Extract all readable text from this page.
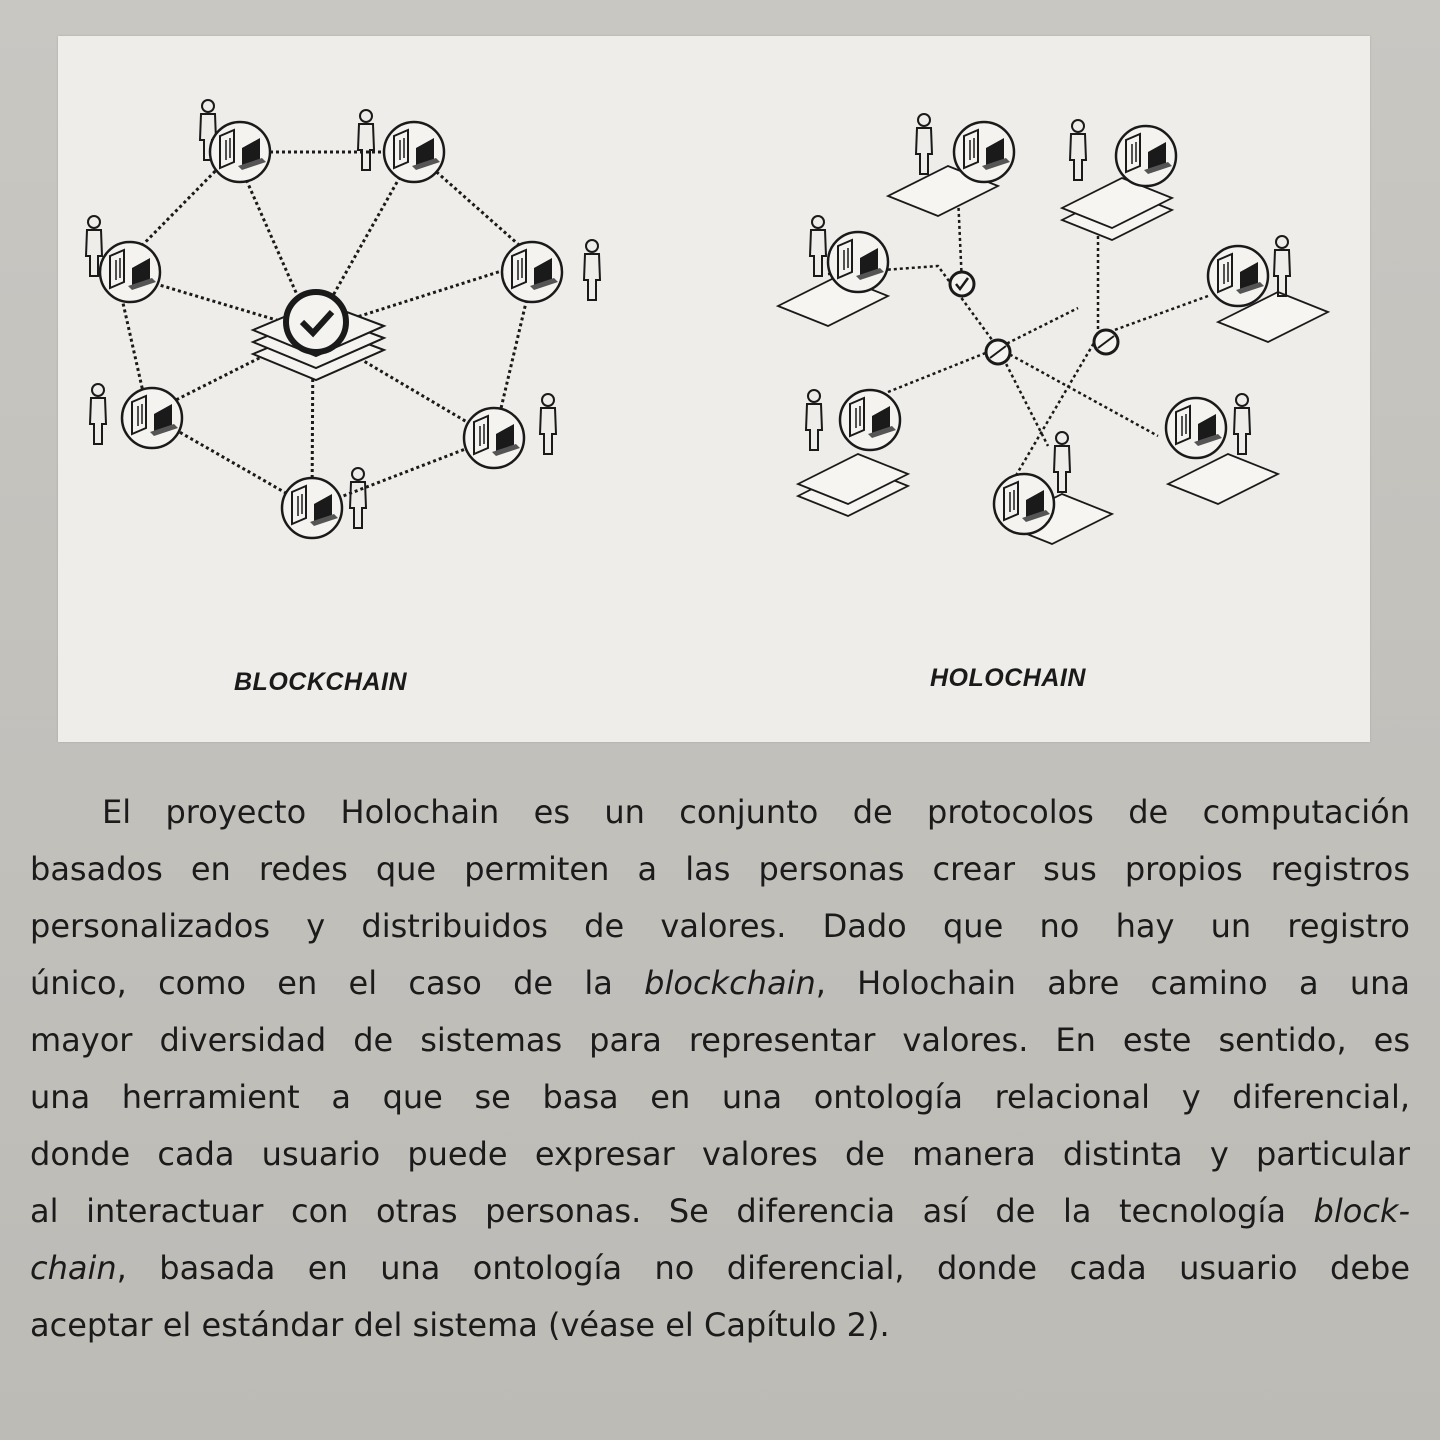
BLOCKCHAIN	HOLOCHAIN
El proyecto Holochain es un conjunto de protocolos de computación
basados en redes que permiten a las personas crear sus propios registros
personalizados y distribuidos de valores. Dado que no hay un registro
único, como en el caso de la blockchain, Holochain abre camino a una
mayor diversidad de sistemas para representar valores. En este sentido, es
una herramient a que se basa en una ontología relacional y diferencial,
donde cada usuario puede expresar valores de manera distinta y particular
al interactuar con otras personas. Se diferencia así de la tecnología block-
chain, basada en una ontología no diferencial, donde cada usuario debe
aceptar el estándar del sistema (véase el Capítulo 2).
